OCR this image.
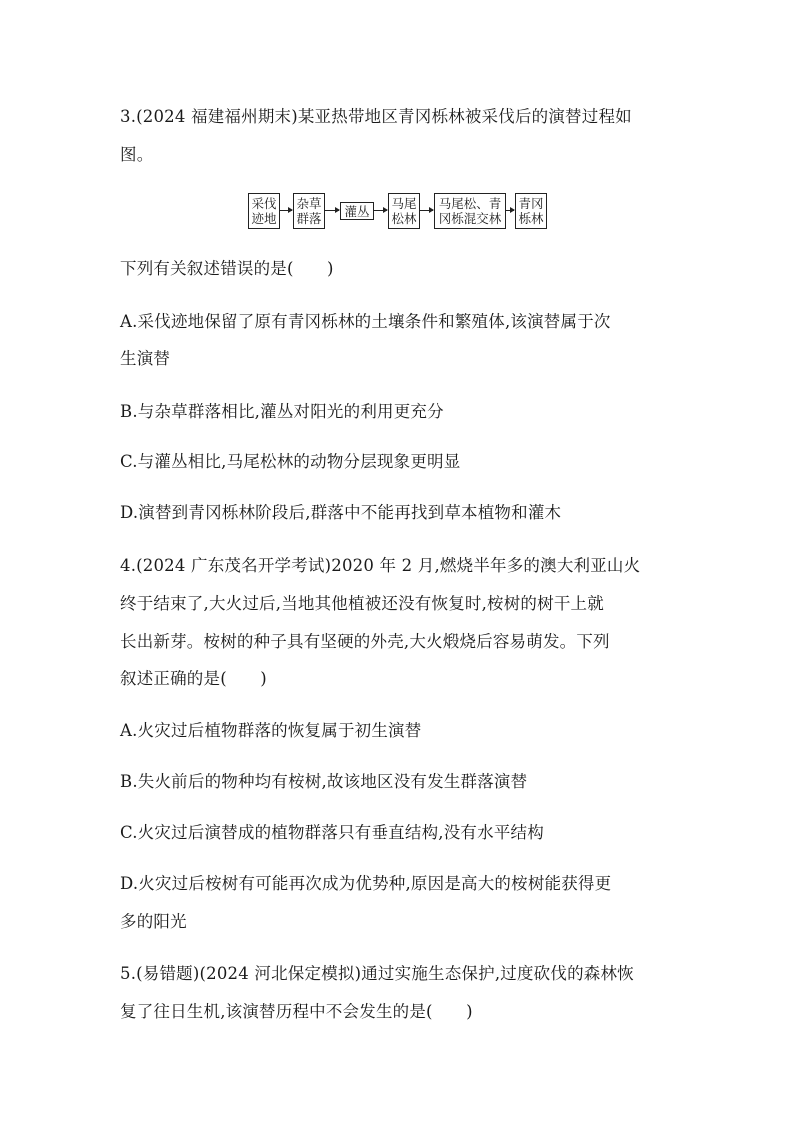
3.(2024 福建福州期末)某亚热带地区青冈栎林被采伐后的演替过程如
图。
采伐
迹地
杂草
群落	灌丛
马尾
松林
马尾松、青
冈栎混交林
青冈
栎林
下列有关叙述错误的是(　　)
A.采伐迹地保留了原有青冈栎林的土壤条件和繁殖体,该演替属于次
生演替
B.与杂草群落相比,灌丛对阳光的利用更充分
C.与灌丛相比,马尾松林的动物分层现象更明显
D.演替到青冈栎林阶段后,群落中不能再找到草本植物和灌木
4.(2024 广东茂名开学考试)2020 年 2 月,燃烧半年多的澳大利亚山火
终于结束了,大火过后,当地其他植被还没有恢复时,桉树的树干上就
长出新芽。桉树的种子具有坚硬的外壳,大火煅烧后容易萌发。下列
叙述正确的是(　　)
A.火灾过后植物群落的恢复属于初生演替
B.失火前后的物种均有桉树,故该地区没有发生群落演替
C.火灾过后演替成的植物群落只有垂直结构,没有水平结构
D.火灾过后桉树有可能再次成为优势种,原因是高大的桉树能获得更
多的阳光
5.(易错题)(2024 河北保定模拟)通过实施生态保护,过度砍伐的森林恢
复了往日生机,该演替历程中不会发生的是(　　)
